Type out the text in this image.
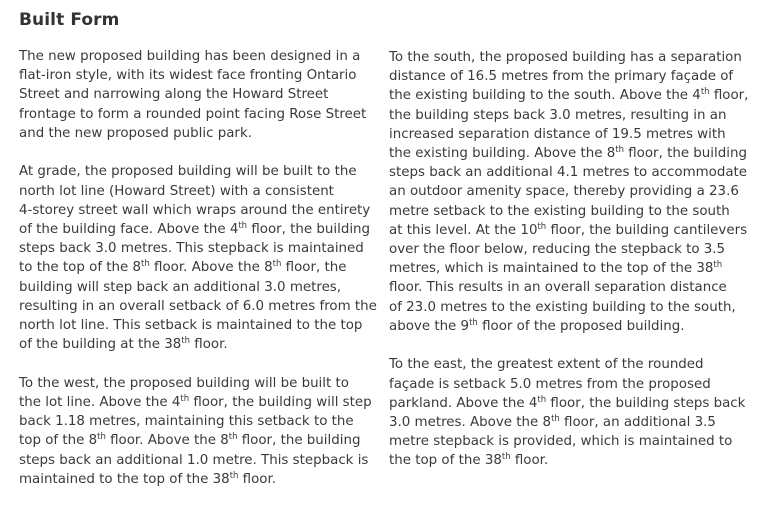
Built Form

The new proposed building has been designed in a
flat-iron style, with its widest face fronting Ontario
Street and narrowing along the Howard Street
frontage to form a rounded point facing Rose Street
and the new proposed public park.

At grade, the proposed building will be built to the
north lot line (Howard Street) with a consistent
4-storey street wall which wraps around the entirety
of the building face. Above the 4th floor, the building
steps back 3.0 metres. This stepback is maintained
to the top of the 8th floor. Above the 8th floor, the
building will step back an additional 3.0 metres,
resulting in an overall setback of 6.0 metres from the
north lot line. This setback is maintained to the top
of the building at the 38th floor.

To the west, the proposed building will be built to
the lot line. Above the 4th floor, the building will step
back 1.18 metres, maintaining this setback to the
top of the 8th floor. Above the 8th floor, the building
steps back an additional 1.0 metre. This stepback is
maintained to the top of the 38th floor.

To the south, the proposed building has a separation
distance of 16.5 metres from the primary façade of
the existing building to the south. Above the 4th floor,
the building steps back 3.0 metres, resulting in an
increased separation distance of 19.5 metres with
the existing building. Above the 8th floor, the building
steps back an additional 4.1 metres to accommodate
an outdoor amenity space, thereby providing a 23.6
metre setback to the existing building to the south
at this level. At the 10th floor, the building cantilevers
over the floor below, reducing the stepback to 3.5
metres, which is maintained to the top of the 38th
floor. This results in an overall separation distance
of 23.0 metres to the existing building to the south,
above the 9th floor of the proposed building.

To the east, the greatest extent of the rounded
façade is setback 5.0 metres from the proposed
parkland. Above the 4th floor, the building steps back
3.0 metres. Above the 8th floor, an additional 3.5
metre stepback is provided, which is maintained to
the top of the 38th floor.
